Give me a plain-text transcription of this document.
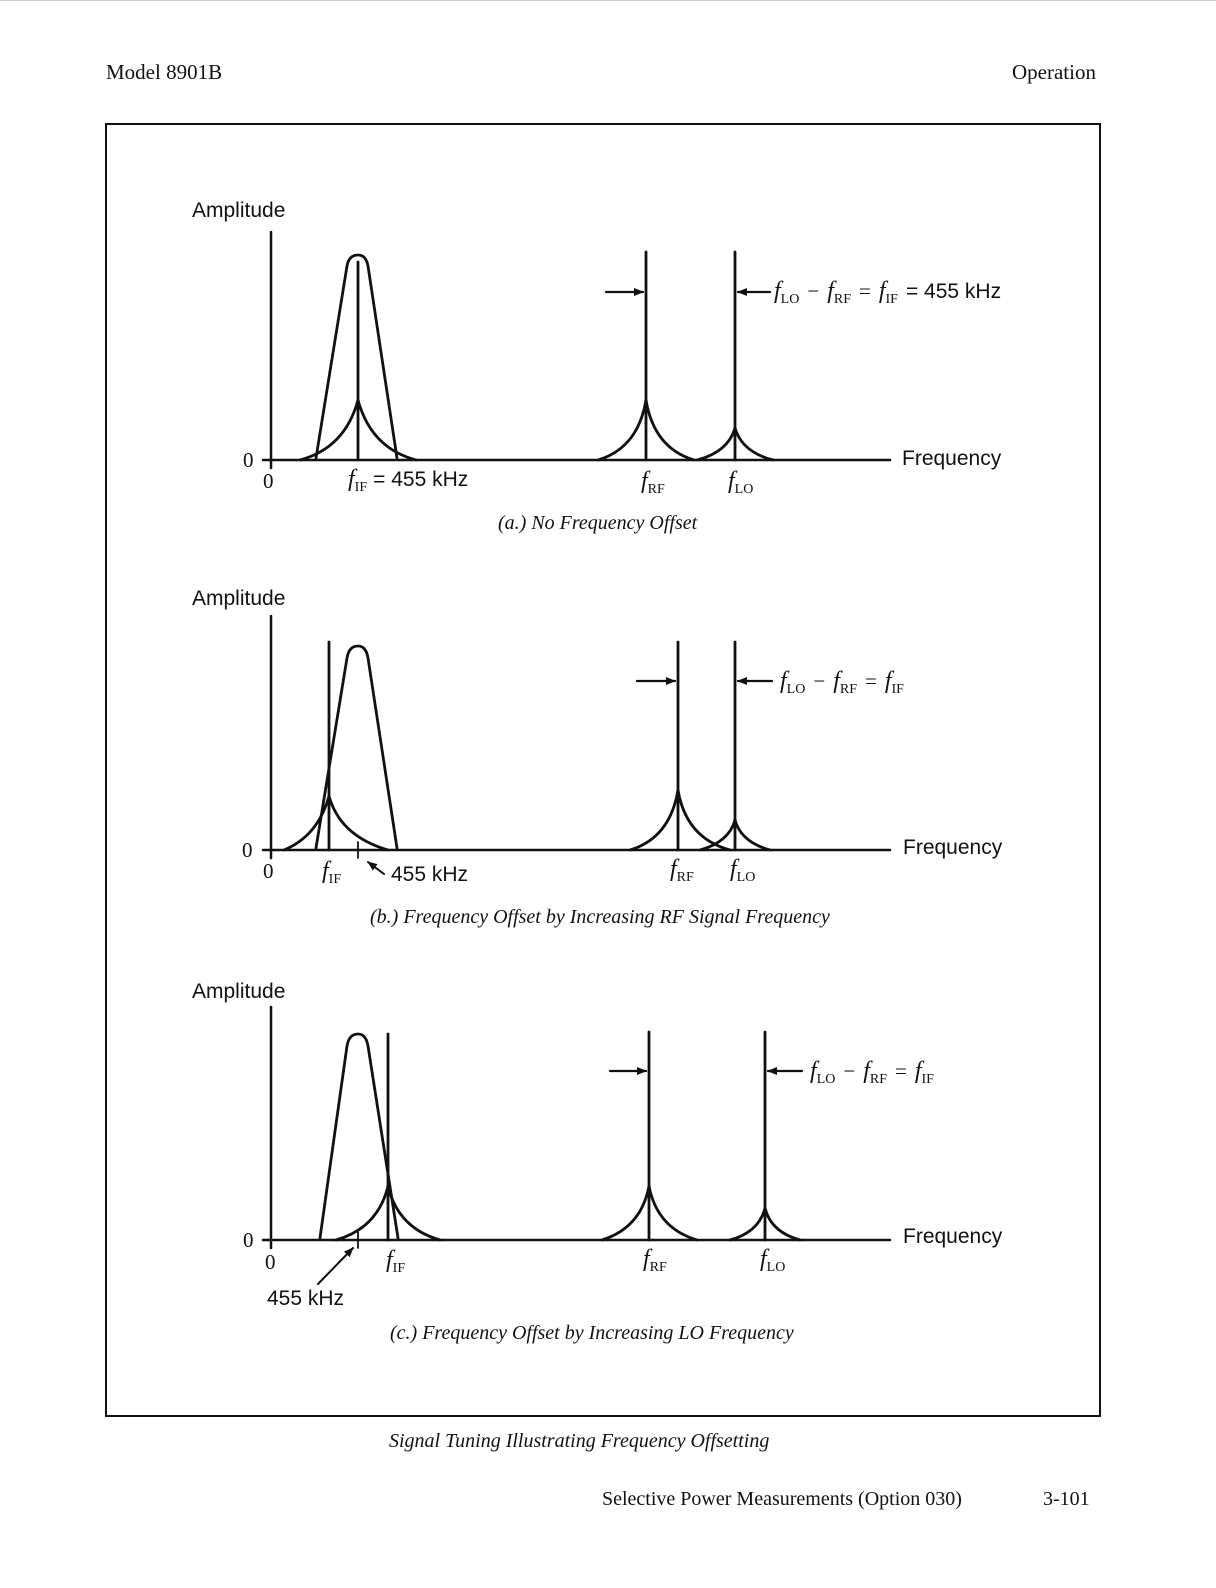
Model 8901B	Operation
Amplitude
0
0
Frequency
$f_{IF} = 455$ kHz	$f_{RF}$	$f_{LO}$
$f_{LO} - f_{RF} = f_{IF} = 455$ kHz
Amplitude
0
0
Frequency
$f_{IF}$ 455 kHz	$f_{RF}$ $f_{LO}$
$f_{LO} - f_{RF} = f_{IF}$
Amplitude
0
0
Frequency
$f_{IF}$
455 kHz
$f_{RF}$	$f_{LO}$
$f_{LO} - f_{RF} = f_{IF}$
(a.) No Frequency Offset
(b.) Frequency Offset by Increasing RF Signal Frequency
(c.) Frequency Offset by Increasing LO Frequency
Signal Tuning Illustrating Frequency Offsetting
Selective Power Measurements (Option 030)	3-101
